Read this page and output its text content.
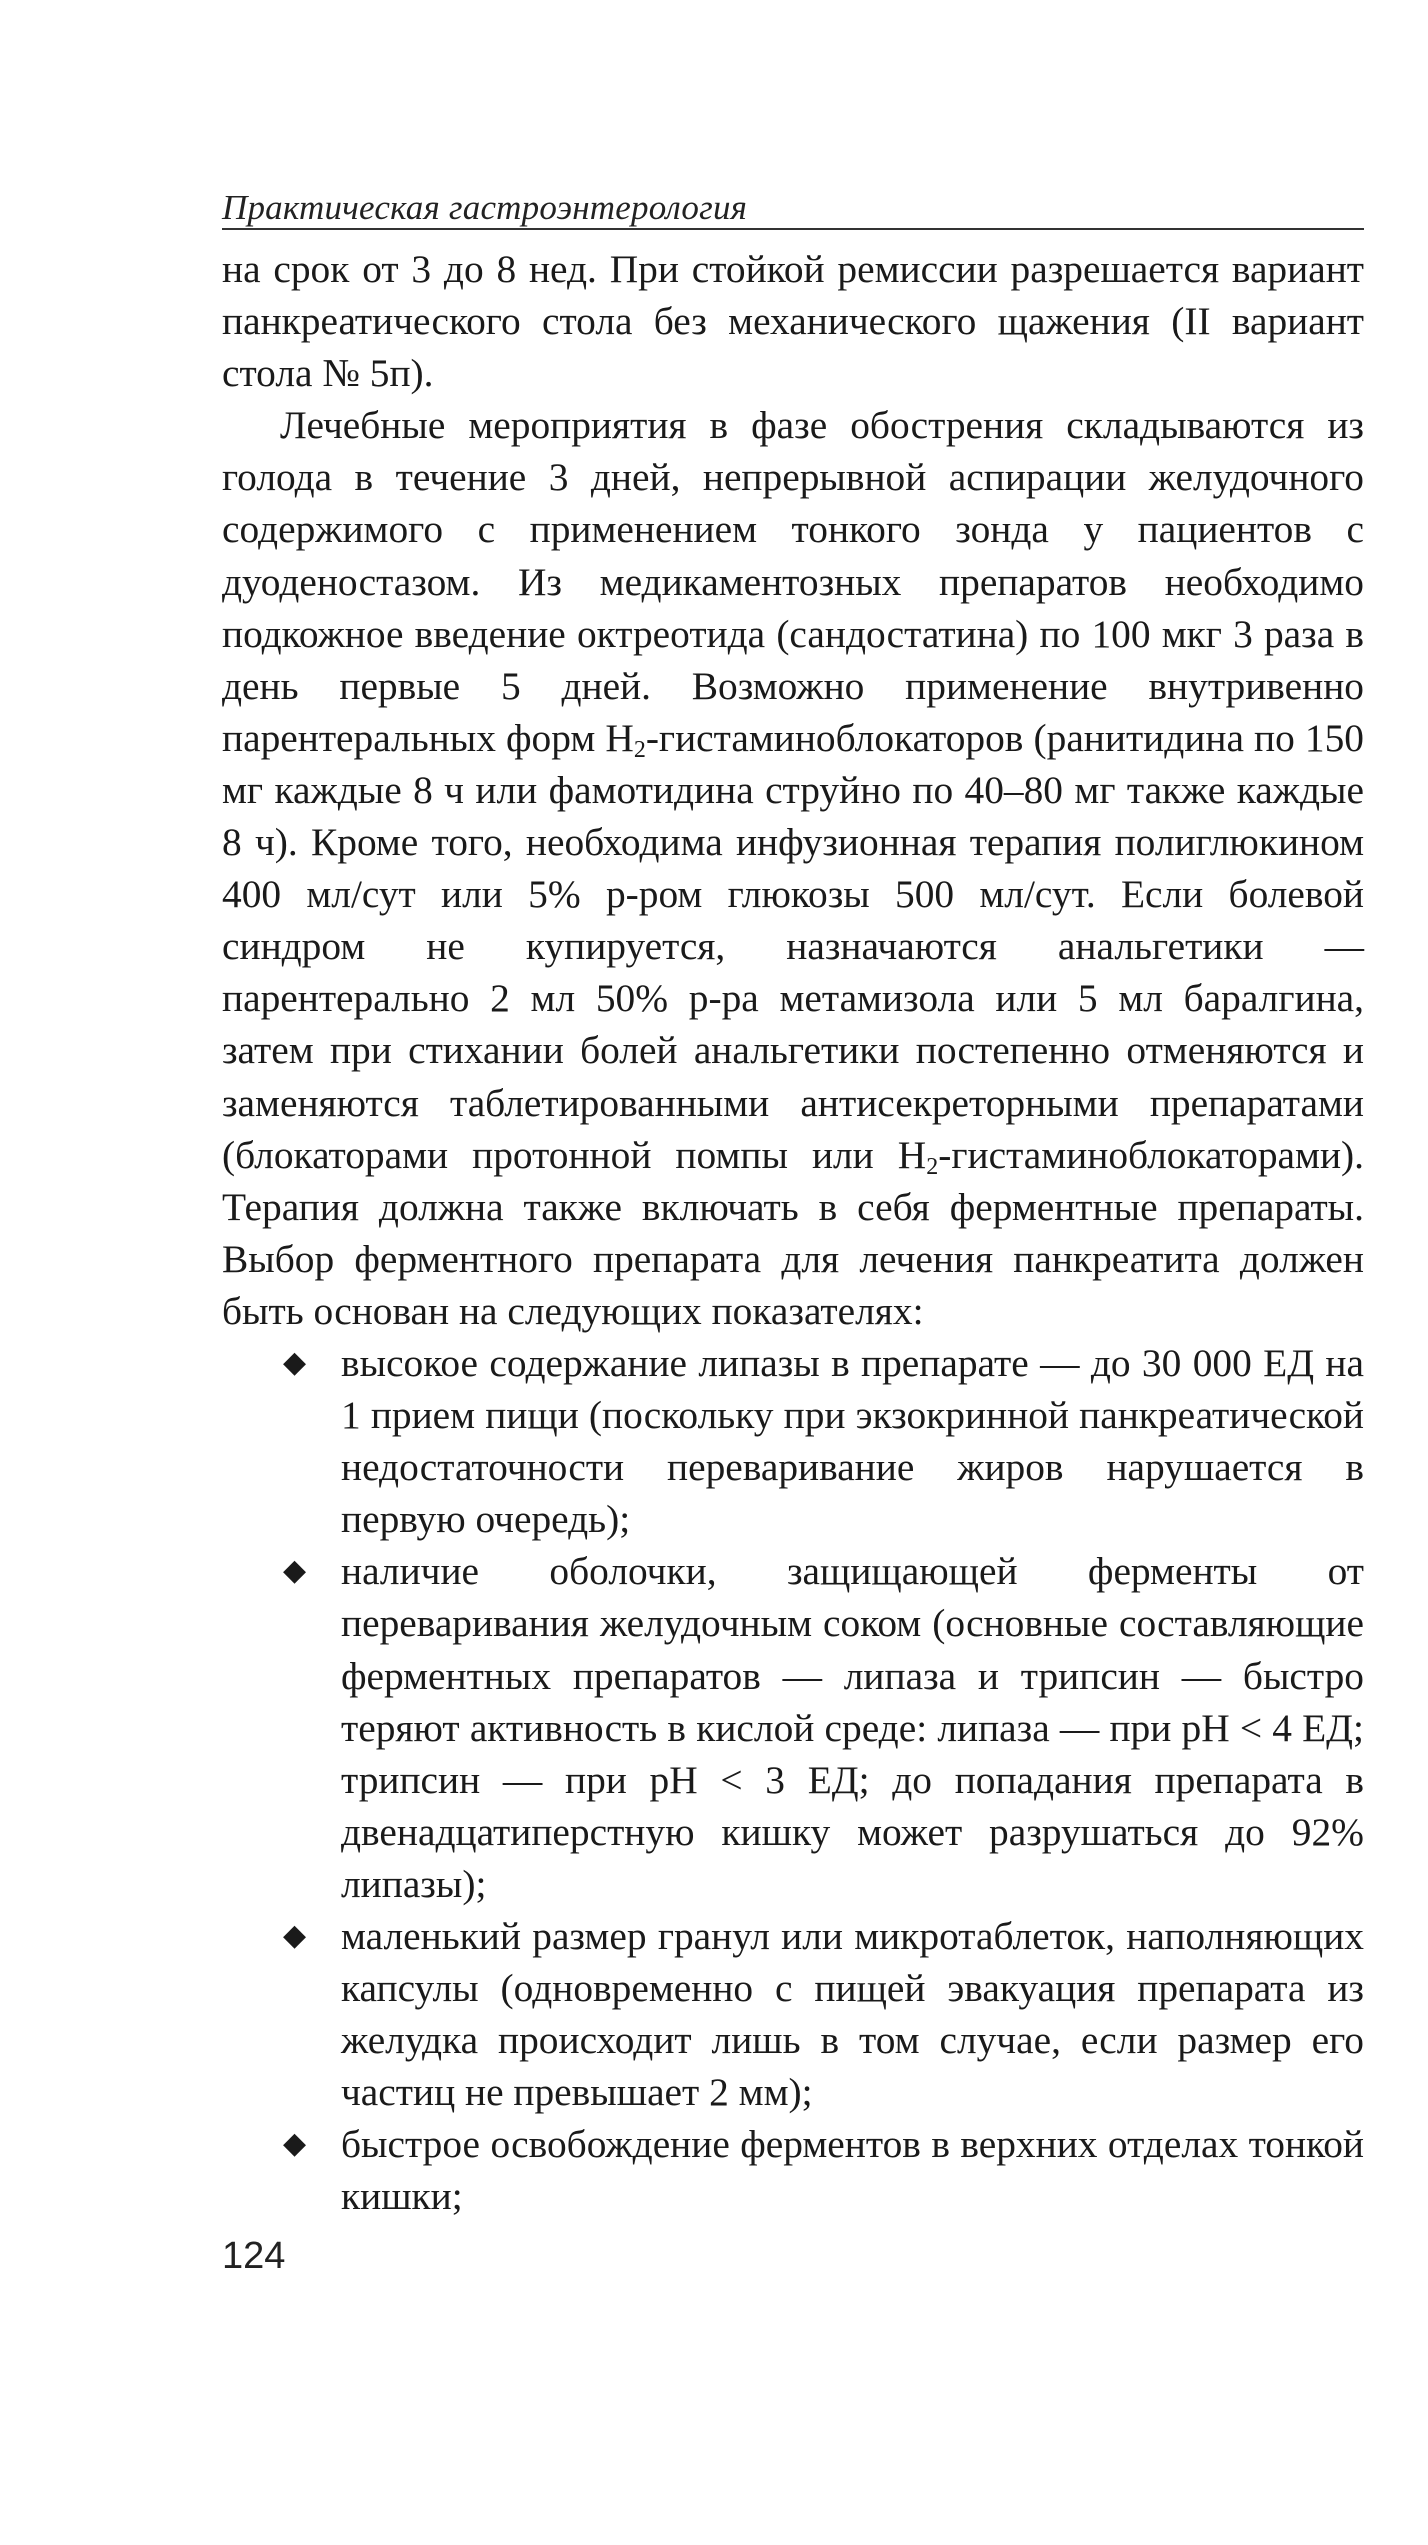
Практическая гастроэнтерология

на срок от 3 до 8 нед. При стойкой ремиссии разрешается вариант панкреатического стола без механического щажения (II вариант стола № 5п).

Лечебные мероприятия в фазе обострения складываются из голода в течение 3 дней, непрерывной аспирации желудочного содержимого с применением тонкого зонда у пациентов с дуоденостазом. Из медикаментозных препаратов необходимо подкожное введение октреотида (сандостатина) по 100 мкг 3 раза в день первые 5 дней. Возможно применение внутривенно парентеральных форм $Н_2$-гистаминоблокаторов (ранитидина по 150 мг каждые 8 ч или фамотидина струйно по 40–80 мг также каждые 8 ч). Кроме того, необходима инфузионная терапия полиглюкином 400 мл/сут или 5% р-ром глюкозы 500 мл/сут. Если болевой синдром не купируется, назначаются анальгетики — парентерально 2 мл 50% р-ра метамизола или 5 мл баралгина, затем при стихании болей анальгетики постепенно отменяются и заменяются таблетированными антисекреторными препаратами (блокаторами протонной помпы или $Н_2-гистаминоблокаторами$). Терапия должна также включать в себя ферментные препараты. Выбор ферментного препарата для лечения панкреатита должен быть основан на следующих показателях:

◆ высокое содержание липазы в препарате — до 30 000 ЕД на 1 прием пищи (поскольку при экзокринной панкреатической недостаточности переваривание жиров нарушается в первую очередь);
◆ наличие оболочки, защищающей ферменты от переваривания желудочным соком (основные составляющие ферментных препаратов — липаза и трипсин — быстро теряют активность в кислой среде: липаза — при рН < 4 ЕД; трипсин — при рН < 3 ЕД; до попадания препарата в двенадцатиперстную кишку может разрушаться до 92% липазы);
◆ маленький размер гранул или микротаблеток, наполняющих капсулы (одновременно с пищей эвакуация препарата из желудка происходит лишь в том случае, если размер его частиц не превышает 2 мм);
◆ быстрое освобождение ферментов в верхних отделах тонкой кишки;
124
